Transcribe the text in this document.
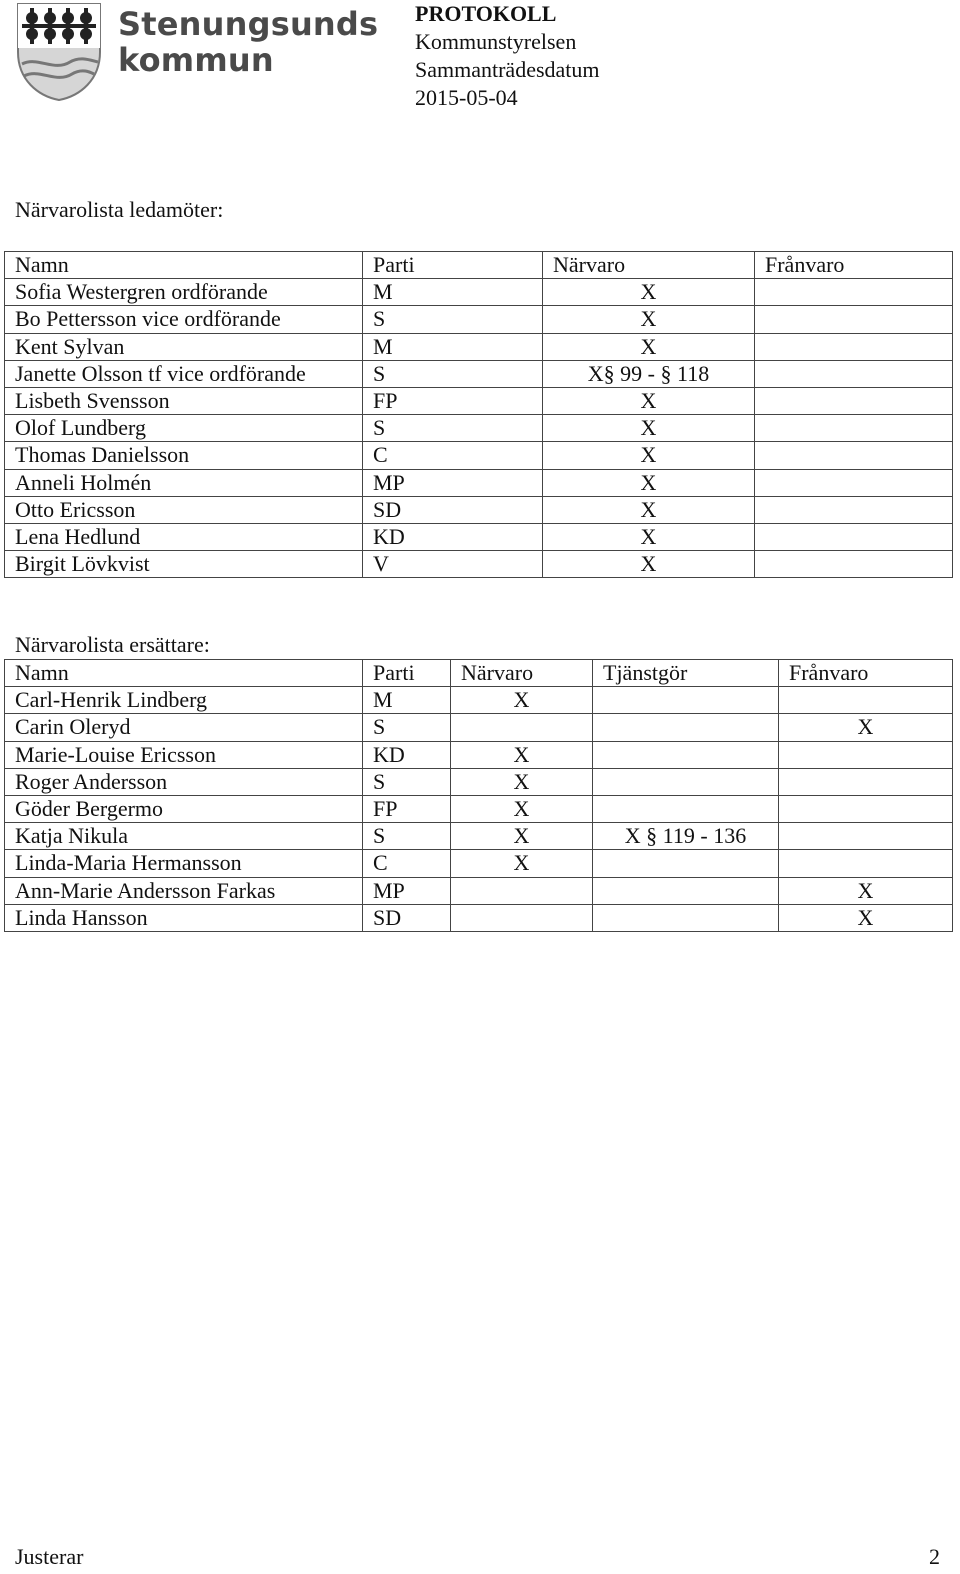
Stenungsunds
kommun
PROTOKOLL
Kommunstyrelsen
Sammanträdesdatum
2015-05-04
Närvarolista ledamöter:
Namn	Parti	Närvaro	Frånvaro
Sofia Westergren ordförande	M	X	
Bo Pettersson vice ordförande	S	X	
Kent Sylvan	M	X	
Janette Olsson tf vice ordförande	S	X§ 99 - § 118	
Lisbeth Svensson	FP	X	
Olof Lundberg	S	X	
Thomas Danielsson	C	X	
Anneli Holmén	MP	X	
Otto Ericsson	SD	X	
Lena Hedlund	KD	X	
Birgit Lövkvist	V	X	
Närvarolista ersättare:
Namn	Parti	Närvaro	Tjänstgör	Frånvaro
Carl-Henrik Lindberg	M	X		
Carin Oleryd	S			X
Marie-Louise Ericsson	KD	X		
Roger Andersson	S	X		
Göder Bergermo	FP	X		
Katja Nikula	S	X	X § 119 - 136	
Linda-Maria Hermansson	C	X		
Ann-Marie Andersson Farkas	MP			X
Linda Hansson	SD			X
Justerar	2
